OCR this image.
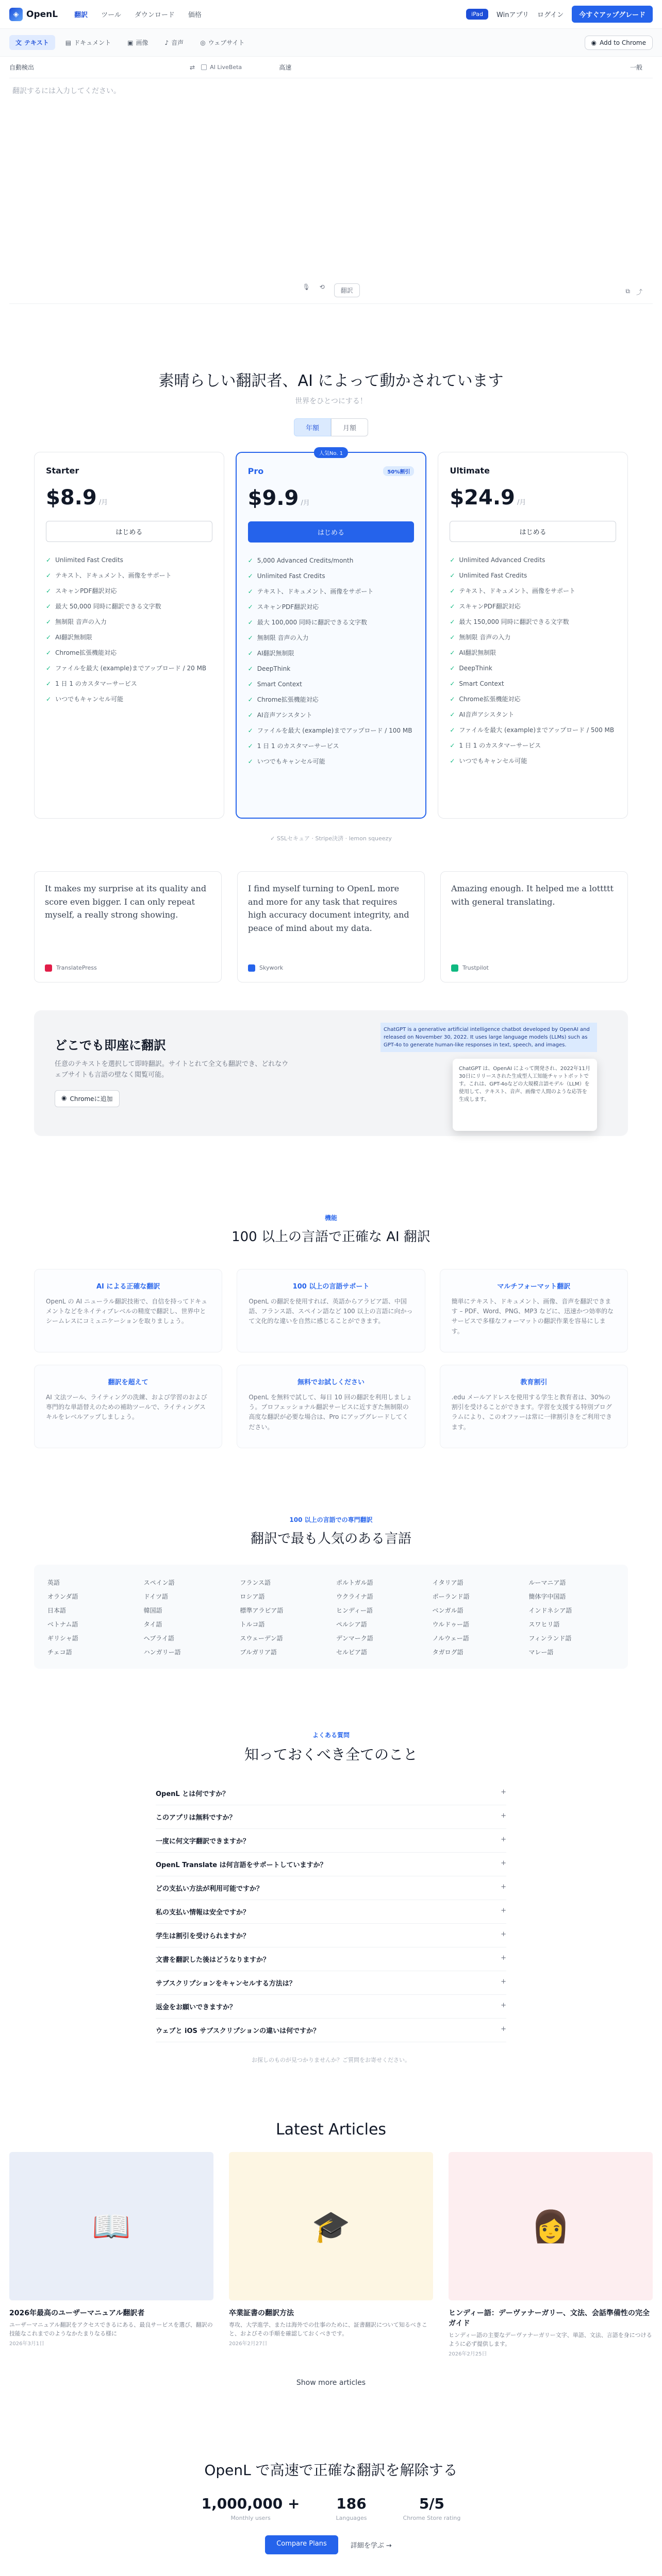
◈ OpenL 翻訳 ツール ダウンロード 価格	iPad	Winアプリ ログイン	今すぐアップグレード
文 テキスト	▤ ドキュメント	▣ 画像	♪ 音声	◎ ウェブサイト	◉ Add to Chrome
自動検出	⇄	AI LiveBeta	高速	一般
翻訳するには入力してください。
🎙 ⟲	翻訳	⧉ ⤴
素晴らしい翻訳者、AI によって動かされています

世界をひとつにする！

年額	月額
Starter
$8.9 /月
はじめる
✓ Unlimited Fast Credits
✓ テキスト、ドキュメント、画像をサポート
✓ スキャンPDF翻訳対応
✓ 最大 50,000 同時に翻訳できる文字数
✓ 無制限 音声の入力
✓ AI翻訳無制限
✓ Chrome拡張機能対応
✓ ファイルを最大 (example)までアップロード / 20 MB
✓ 1 日 1 のカスタマーサービス
✓ いつでもキャンセル可能
人気No. 1
Pro	50%割引
$9.9 /月
はじめる
✓ 5,000 Advanced Credits/month
✓ Unlimited Fast Credits
✓ テキスト、ドキュメント、画像をサポート
✓ スキャンPDF翻訳対応
✓ 最大 100,000 同時に翻訳できる文字数
✓ 無制限 音声の入力
✓ AI翻訳無制限
✓ DeepThink
✓ Smart Context
✓ Chrome拡張機能対応
✓ AI音声アシスタント
✓ ファイルを最大 (example)までアップロード / 100 MB
✓ 1 日 1 のカスタマーサービス
✓ いつでもキャンセル可能
Ultimate
$24.9 /月
はじめる
✓ Unlimited Advanced Credits
✓ Unlimited Fast Credits
✓ テキスト、ドキュメント、画像をサポート
✓ スキャンPDF翻訳対応
✓ 最大 150,000 同時に翻訳できる文字数
✓ 無制限 音声の入力
✓ AI翻訳無制限
✓ DeepThink
✓ Smart Context
✓ Chrome拡張機能対応
✓ AI音声アシスタント
✓ ファイルを最大 (example)までアップロード / 500 MB
✓ 1 日 1 のカスタマーサービス
✓ いつでもキャンセル可能

✓ SSLセキュア · Stripe決済 · lemon squeezy

It makes my surprise at its quality and score even bigger. I can only repeat myself, a really strong showing.

TranslatePress

I find myself turning to OpenL more and more for any task that requires high accuracy document integrity, and peace of mind about my data.

Skywork

Amazing enough. It helped me a lottttt with general translating.

Trustpilot
どこでも即座に翻訳

任意のテキストを選択して即時翻訳。サイトとれて全文も翻訳でき、どれなウェブサイトも言語の壁なく閲覧可能。

◉ Chromeに追加
ChatGPT is a generative artificial intelligence chatbot developed by OpenAI and released on November 30, 2022. It uses large language models (LLMs) such as GPT-4o to generate human-like responses in text, speech, and images.
ChatGPT は、OpenAI によって開発され、2022年11月30日にリリースされた生成型人工知能チャットボットです。これは、GPT-4oなどの大規模言語モデル（LLM）を使用して、テキスト、音声、画像で人間のような応答を生成します。

機能

100 以上の言語で正確な AI 翻訳
AI による正確な翻訳

OpenL の AI ニューラル翻訳技術で、自信を持ってドキュメントなどをネイティブレベルの精度で翻訳し、世界中とシームレスにコミュニケーションを取りましょう。

100 以上の言語サポート

OpenL の翻訳を使用すれば、英語からアラビア語、中国語、フランス語、スペイン語など 100 以上の言語に向かって文化的な違いを自然に感じることができます。

マルチフォーマット翻訳

簡単にテキスト、ドキュメント、画像、音声を翻訳できます – PDF、Word、PNG、MP3 などに、迅速かつ効率的なサービスで多様なフォーマットの翻訳作業を容易にします。

翻訳を超えて

AI 文法ツール、ライティングの洗練、および学習のおよび専門的な単語替えのための補助ツールで、ライティングスキルをレベルアップしましょう。

無料でお試しください

OpenL を無料で試して、毎日 10 回の翻訳を利用しましょう。プロフェッショナル翻訳サービスに近すぎた無制限の高度な翻訳が必要な場合は、Pro にアップグレードしてください。

教育割引

.edu メールアドレスを使用する学生と教育者は、30%の割引を受けることができます。学習を支援する特別プログラムにより、このオファーは常に一律割引きをご利用できます。

100 以上の言語での専門翻訳

翻訳で最も人気のある言語
英語	スペイン語	フランス語	ポルトガル語	イタリア語	ルーマニア語
オランダ語	ドイツ語	ロシア語	ウクライナ語	ポーランド語	簡体字中国語
日本語	韓国語	標準アラビア語	ヒンディー語	ベンガル語	インドネシア語
ベトナム語	タイ語	トルコ語	ペルシア語	ウルドゥー語	スワヒリ語
ギリシャ語	ヘブライ語	スウェーデン語	デンマーク語	ノルウェー語	フィンランド語
チェコ語	ハンガリー語	ブルガリア語	セルビア語	タガログ語	マレー語

よくある質問

知っておくべき全てのこと
OpenL とは何ですか？	+
このアプリは無料ですか？	+
一度に何文字翻訳できますか？	+
OpenL Translate は何言語をサポートしていますか？	+
どの支払い方法が利用可能ですか？	+
私の支払い情報は安全ですか？	+
学生は割引を受けられますか？	+
文書を翻訳した後はどうなりますか？	+
サブスクリプションをキャンセルする方法は？	+
返金をお願いできますか？	+
ウェブと iOS サブスクリプションの違いは何ですか？	+

お探しのものが見つかりませんか？ご質問をお寄せください。

Latest Articles
📖
2026年最高のユーザーマニュアル翻訳者

ユーザーマニュアル翻訳をアクセスできるにある、最良サービスを選び、翻訳の技能なこれまでのようなかたまりなる様に

2026年3月1日

🎓
卒業証書の翻訳方法

専攻、大学進学、または海外での仕事のために、証書翻訳について知るべきこと、およびその手順を確認しておくべきです。

2026年2月27日

👩
ヒンディー語：デーヴァナーガリー、文法、会話準備性の完全ガイド

ヒンディー語の主要なデーヴァナーガリー文字、単語、文法、言語を身につけるように必ず提供します。

2026年2月25日

Show more articles

OpenL で高速で正確な翻訳を解除する
1,000,000 +
Monthly users
186
Languages
5/5
Chrome Store rating
Compare Plans	詳細を学ぶ →
